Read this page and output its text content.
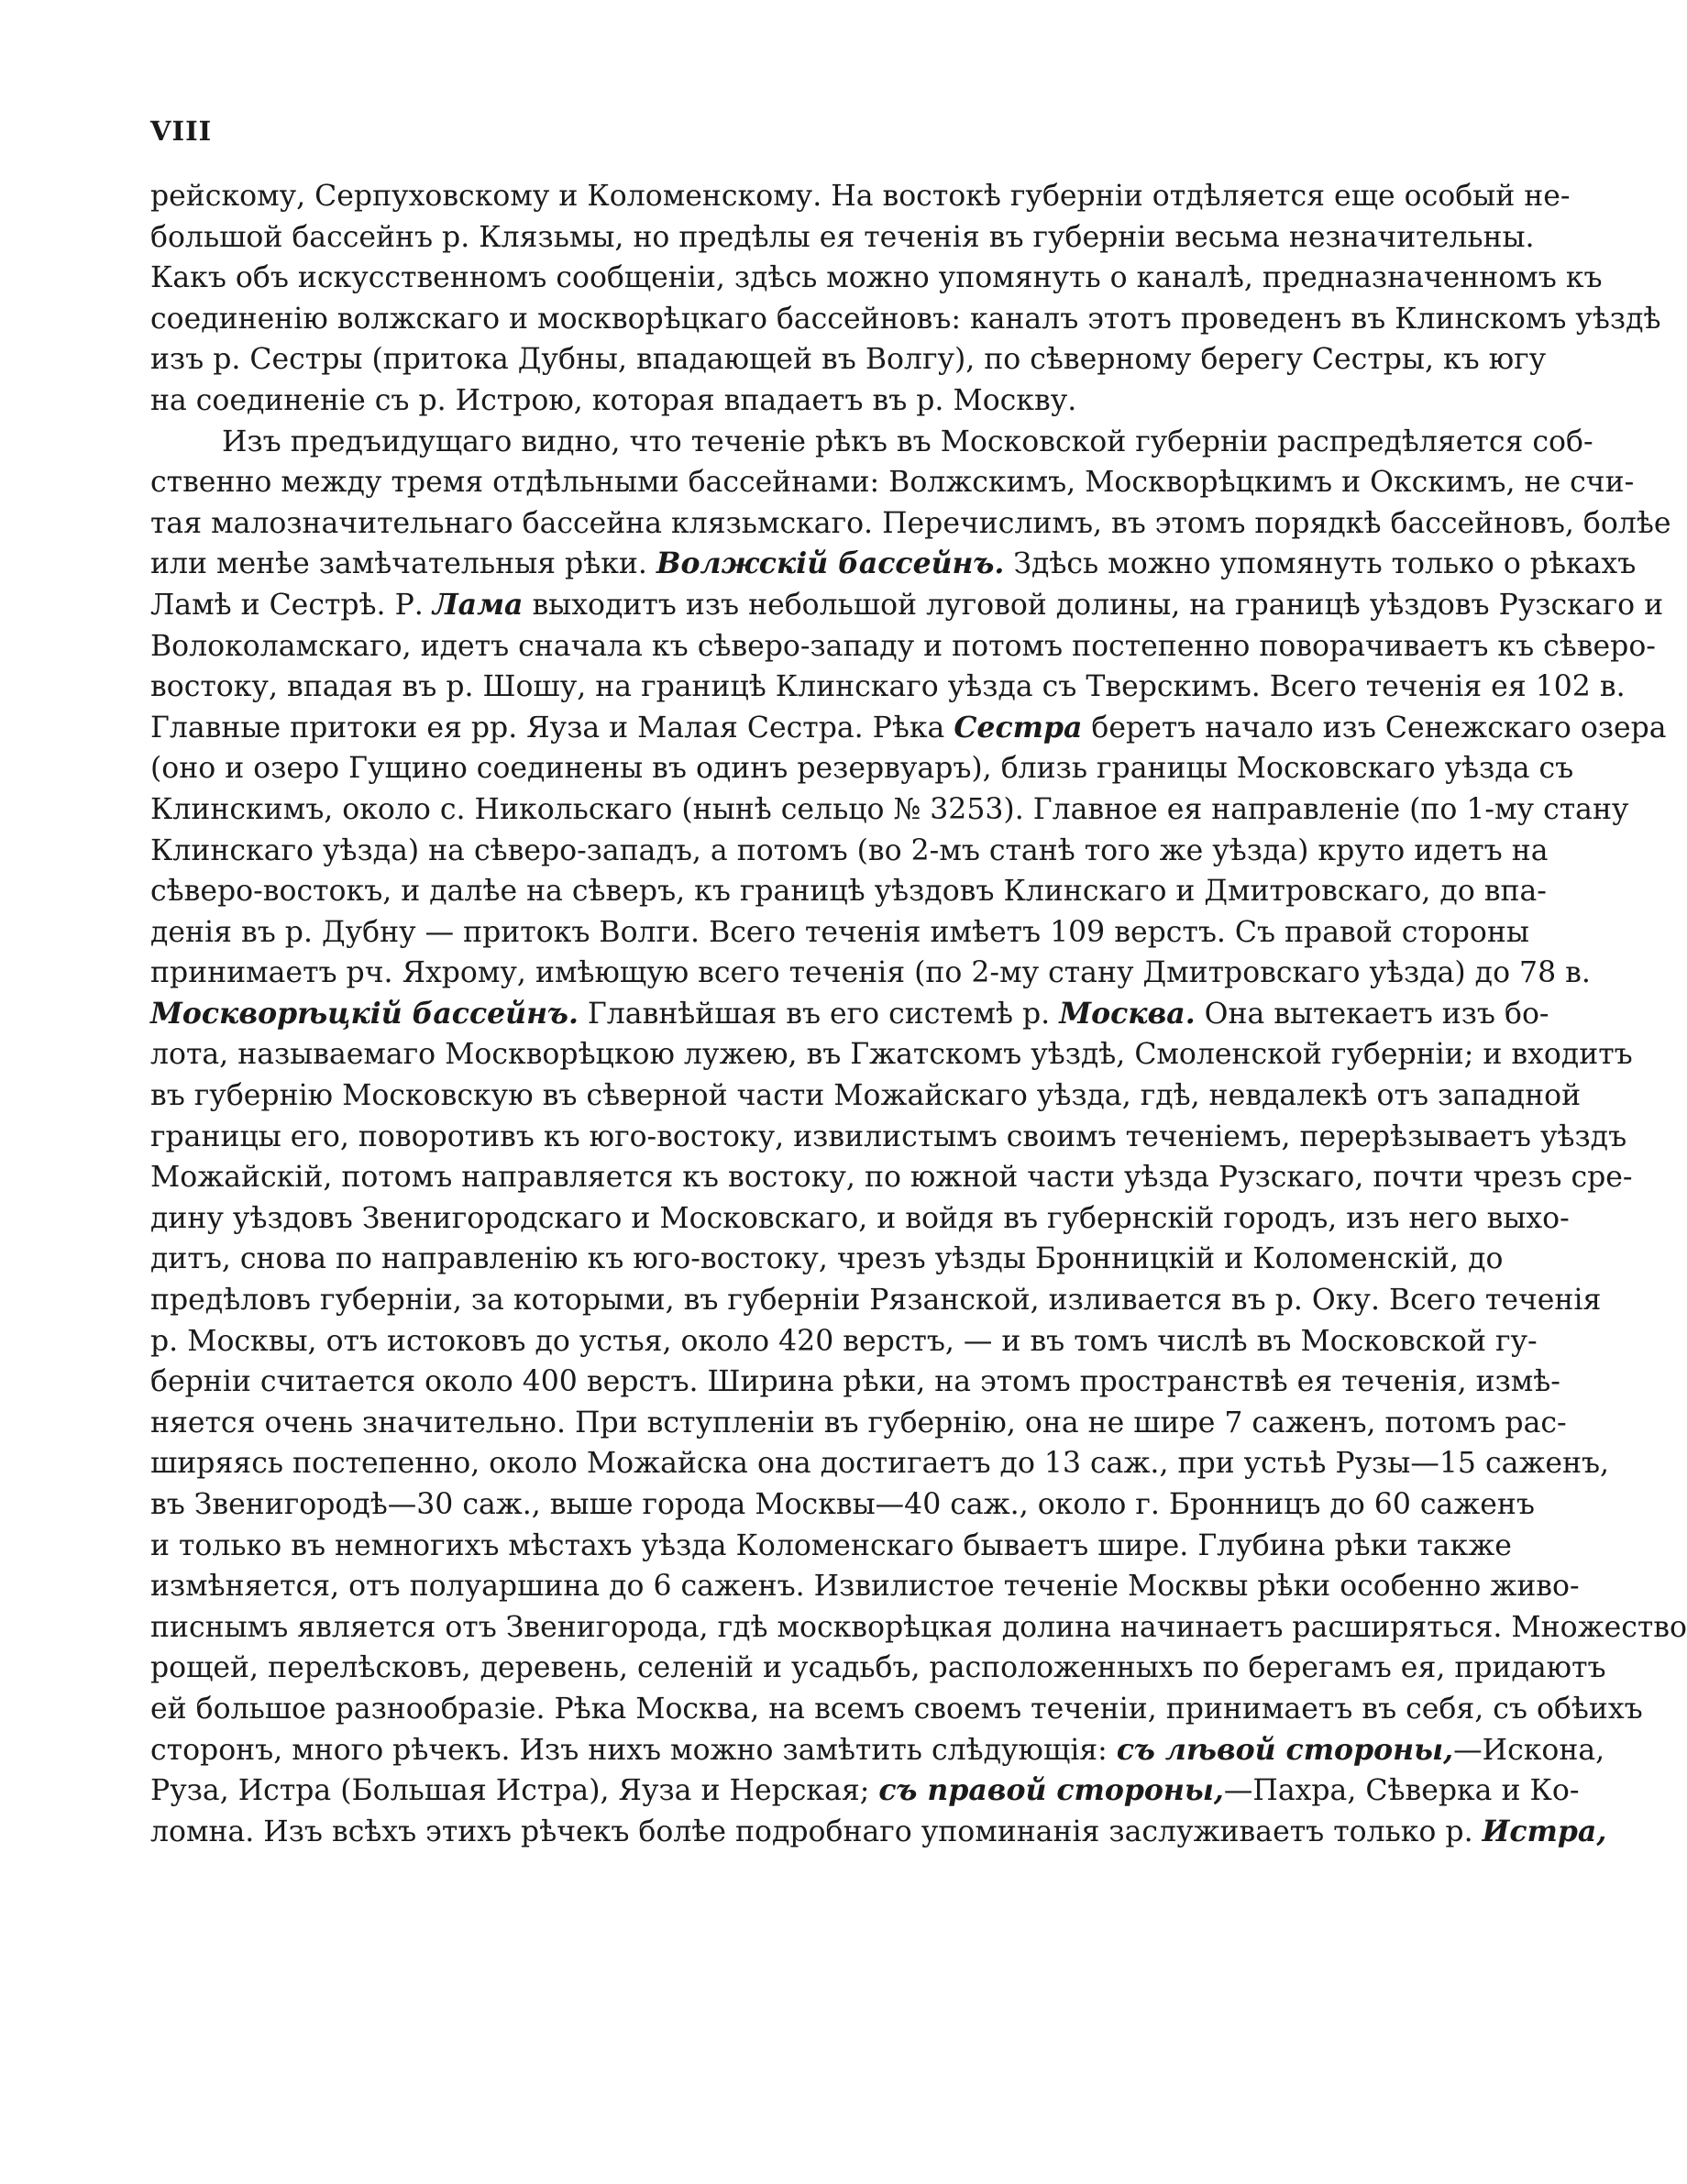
VIII
рейскому, Серпуховскому и Коломенскому. На востокѣ губерніи отдѣляется еще особый не-
большой бассейнъ р. Клязьмы, но предѣлы ея теченія въ губерніи весьма незначительны.
Какъ объ искусственномъ сообщеніи, здѣсь можно упомянуть о каналѣ, предназначенномъ къ
соединенію волжскаго и москворѣцкаго бассейновъ: каналъ этотъ проведенъ въ Клинскомъ уѣздѣ
изъ р. Сестры (притока Дубны, впадающей въ Волгу), по сѣверному берегу Сестры, къ югу
на соединеніе съ р. Истрою, которая впадаетъ въ р. Москву.
Изъ предъидущаго видно, что теченіе рѣкъ въ Московской губерніи распредѣляется соб-
ственно между тремя отдѣльными бассейнами: Волжскимъ, Москворѣцкимъ и Окскимъ, не счи-
тая малозначительнаго бассейна клязьмскаго. Перечислимъ, въ этомъ порядкѣ бассейновъ, болѣе
или менѣе замѣчательныя рѣки. Волжскій бассейнъ. Здѣсь можно упомянуть только о рѣкахъ
Ламѣ и Сестрѣ. Р. Лама выходитъ изъ небольшой луговой долины, на границѣ уѣздовъ Рузскаго и
Волоколамскаго, идетъ сначала къ сѣверо-западу и потомъ постепенно поворачиваетъ къ сѣверо-
востоку, впадая въ р. Шошу, на границѣ Клинскаго уѣзда съ Тверскимъ. Всего теченія ея 102 в.
Главные притоки ея рр. Яуза и Малая Сестра. Рѣка Сестра беретъ начало изъ Сенежскаго озера
(оно и озеро Гущино соединены въ одинъ резервуаръ), близь границы Московскаго уѣзда съ
Клинскимъ, около с. Никольскаго (нынѣ сельцо № 3253). Главное ея направленіе (по 1-му стану
Клинскаго уѣзда) на сѣверо-западъ, а потомъ (во 2-мъ станѣ того же уѣзда) круто идетъ на
сѣверо-востокъ, и далѣе на сѣверъ, къ границѣ уѣздовъ Клинскаго и Дмитровскаго, до впа-
денія въ р. Дубну — притокъ Волги. Всего теченія имѣетъ 109 верстъ. Съ правой стороны
принимаетъ рч. Яхрому, имѣющую всего теченія (по 2-му стану Дмитровскаго уѣзда) до 78 в.
Москворѣцкій бассейнъ. Главнѣйшая въ его системѣ р. Москва. Она вытекаетъ изъ бо-
лота, называемаго Москворѣцкою лужею, въ Гжатскомъ уѣздѣ, Смоленской губерніи; и входитъ
въ губернію Московскую въ сѣверной части Можайскаго уѣзда, гдѣ, невдалекѣ отъ западной
границы его, поворотивъ къ юго-востоку, извилистымъ своимъ теченіемъ, перерѣзываетъ уѣздъ
Можайскій, потомъ направляется къ востоку, по южной части уѣзда Рузскаго, почти чрезъ сре-
дину уѣздовъ Звенигородскаго и Московскаго, и войдя въ губернскій городъ, изъ него выхо-
дитъ, снова по направленію къ юго-востоку, чрезъ уѣзды Бронницкій и Коломенскій, до
предѣловъ губерніи, за которыми, въ губерніи Рязанской, изливается въ р. Оку. Всего теченія
р. Москвы, отъ истоковъ до устья, около 420 верстъ, — и въ томъ числѣ въ Московской гу-
берніи считается около 400 верстъ. Ширина рѣки, на этомъ пространствѣ ея теченія, измѣ-
няется очень значительно. При вступленіи въ губернію, она не шире 7 саженъ, потомъ рас-
ширяясь постепенно, около Можайска она достигаетъ до 13 саж., при устьѣ Рузы—15 саженъ,
въ Звенигородѣ—30 саж., выше города Москвы—40 саж., около г. Бронницъ до 60 саженъ
и только въ немногихъ мѣстахъ уѣзда Коломенскаго бываетъ шире. Глубина рѣки также
измѣняется, отъ полуаршина до 6 саженъ. Извилистое теченіе Москвы рѣки особенно живо-
писнымъ является отъ Звенигорода, гдѣ москворѣцкая долина начинаетъ расширяться. Множество
рощей, перелѣсковъ, деревень, селеній и усадьбъ, расположенныхъ по берегамъ ея, придаютъ
ей большое разнообразіе. Рѣка Москва, на всемъ своемъ теченіи, принимаетъ въ себя, съ обѣихъ
сторонъ, много рѣчекъ. Изъ нихъ можно замѣтить слѣдующія: съ лѣвой стороны,—Искона,
Руза, Истра (Большая Истра), Яуза и Нерская; съ правой стороны,—Пахра, Сѣверка и Ко-
ломна. Изъ всѣхъ этихъ рѣчекъ болѣе подробнаго упоминанія заслуживаетъ только р. Истра,
